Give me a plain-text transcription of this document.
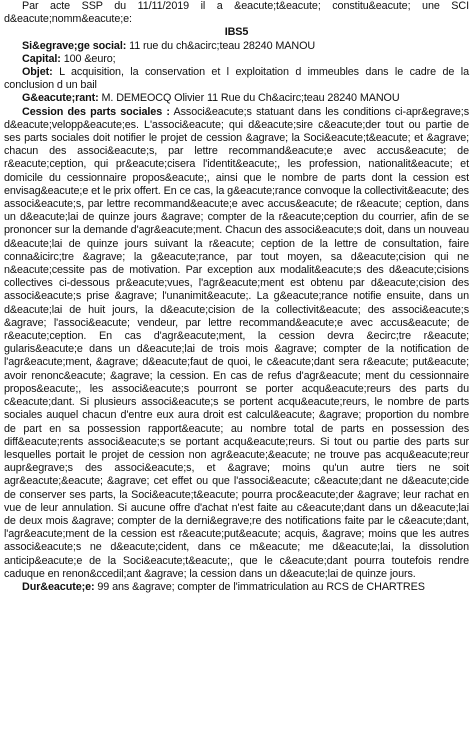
Par acte SSP du 11/11/2019 il a &eacute;t&eacute; constitu&eacute; une SCI d&eacute;nomm&eacute;e:

IBS5

Si&egrave;ge social: 11 rue du ch&acirc;teau 28240 MANOU

Capital: 100 &euro;

Objet: L acquisition, la conservation et l exploitation d immeubles dans le cadre de la conclusion d un bail

G&eacute;rant: M. DEMEOCQ Olivier 11 Rue du Ch&acirc;teau 28240 MANOU

Cession des parts sociales : Associ&eacute;s statuant dans les conditions ci-apr&egrave;s d&eacute;velopp&eacute;es. L'associ&eacute; qui d&eacute;sire c&eacute;der tout ou partie de ses parts sociales doit notifier le projet de cession &agrave; la Soci&eacute;t&eacute; et &agrave; chacun des associ&eacute;s, par lettre recommand&eacute;e avec accus&eacute; de r&eacute;ception, qui pr&eacute;cisera l'identit&eacute;, les profession, nationalit&eacute; et domicile du cessionnaire propos&eacute;, ainsi que le nombre de parts dont la cession est envisag&eacute;e et le prix offert. En ce cas, la g&eacute;rance convoque la collectivit&eacute; des associ&eacute;s, par lettre recommand&eacute;e avec accus&eacute; de r&eacute; ception, dans un d&eacute;lai de quinze jours &agrave; compter de la r&eacute;ception du courrier, afin de se prononcer sur la demande d'agr&eacute;ment. Chacun des associ&eacute;s doit, dans un nouveau d&eacute;lai de quinze jours suivant la r&eacute; ception de la lettre de consultation, faire conna&icirc;tre &agrave; la g&eacute;rance, par tout moyen, sa d&eacute;cision qui ne n&eacute;cessite pas de motivation. Par exception aux modalit&eacute;s des d&eacute;cisions collectives ci-dessous pr&eacute;vues, l'agr&eacute;ment est obtenu par d&eacute;cision des associ&eacute;s prise &agrave; l'unanimit&eacute;. La g&eacute;rance notifie ensuite, dans un d&eacute;lai de huit jours, la d&eacute;cision de la collectivit&eacute; des associ&eacute;s &agrave; l'associ&eacute; vendeur, par lettre recommand&eacute;e avec accus&eacute; de r&eacute;ception. En cas d'agr&eacute;ment, la cession devra &ecirc;tre r&eacute; gularis&eacute;e dans un d&eacute;lai de trois mois &agrave; compter de la notification de l'agr&eacute;ment, &agrave; d&eacute;faut de quoi, le c&eacute;dant sera r&eacute; put&eacute; avoir renonc&eacute; &agrave; la cession. En cas de refus d'agr&eacute; ment du cessionnaire propos&eacute;, les associ&eacute;s pourront se porter acqu&eacute;reurs des parts du c&eacute;dant. Si plusieurs associ&eacute;s se portent acqu&eacute;reurs, le nombre de parts sociales auquel chacun d'entre eux aura droit est calcul&eacute; &agrave; proportion du nombre de part en sa possession rapport&eacute; au nombre total de parts en possession des diff&eacute;rents associ&eacute;s se portant acqu&eacute;reurs. Si tout ou partie des parts sur lesquelles portait le projet de cession non agr&eacute;&eacute; ne trouve pas acqu&eacute;reur aupr&egrave;s des associ&eacute;s, et &agrave; moins qu'un autre tiers ne soit agr&eacute;&eacute; &agrave; cet effet ou que l'associ&eacute; c&eacute;dant ne d&eacute;cide de conserver ses parts, la Soci&eacute;t&eacute; pourra proc&eacute;der &agrave; leur rachat en vue de leur annulation. Si aucune offre d'achat n'est faite au c&eacute;dant dans un d&eacute;lai de deux mois &agrave; compter de la derni&egrave;re des notifications faite par le c&eacute;dant, l'agr&eacute;ment de la cession est r&eacute;put&eacute; acquis, &agrave; moins que les autres associ&eacute;s ne d&eacute;cident, dans ce m&eacute; me d&eacute;lai, la dissolution anticip&eacute;e de la Soci&eacute;t&eacute;, que le c&eacute;dant pourra toutefois rendre caduque en renon&ccedil;ant &agrave; la cession dans un d&eacute;lai de quinze jours.

Dur&eacute;e: 99 ans &agrave; compter de l'immatriculation au RCS de CHARTRES
